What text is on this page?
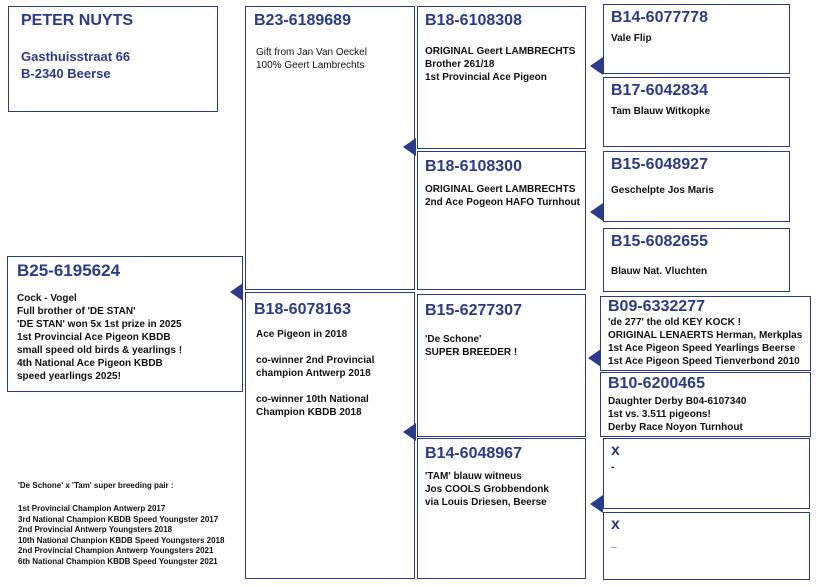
PETER NUYTS
Gasthuisstraat 66
B-2340 Beerse
B25-6195624
Cock - Vogel
Full brother of 'DE STAN'
'DE STAN' won 5x 1st prize in 2025
1st Provincial Ace Pigeon KBDB
small speed old birds & yearlings !
4th National Ace Pigeon KBDB
speed yearlings 2025!
'De Schone' x 'Tam' super breeding pair :
1st Provincial Champion Antwerp 2017
3rd National Champion KBDB Speed Youngster 2017
2nd Provincial Antwerp Youngsters 2018
10th National Chanpion KBDB Speed Youngsters 2018
2nd Provincial Champion Antwerp Youngsters 2021
6th National Champion KBDB Speed Youngster 2021
B23-6189689
Gift from Jan Van Oeckel
100% Geert Lambrechts
B18-6078163
Ace Pigeon in 2018

co-winner 2nd Provincial
champion Antwerp 2018

co-winner 10th National
Champion KBDB 2018
B18-6108308
ORIGINAL Geert LAMBRECHTS
Brother 261/18
1st Provincial Ace Pigeon
B18-6108300
ORIGINAL Geert LAMBRECHTS
2nd Ace Pogeon HAFO Turnhout
B15-6277307
'De Schone'
SUPER BREEDER !
B14-6048967
'TAM' blauw witneus
Jos COOLS Grobbendonk
via Louis Driesen, Beerse
B14-6077778
Vale Flip
B17-6042834
Tam Blauw Witkopke
B15-6048927
Geschelpte Jos Maris
B15-6082655
Blauw Nat. Vluchten
B09-6332277
'de 277' the old KEY KOCK !
ORIGINAL LENAERTS Herman, Merkplas
1st Ace Pigeon Speed Yearlings Beerse
1st Ace Pigeon Speed Tienverbond 2010
B10-6200465
Daughter Derby B04-6107340
1st vs. 3.511 pigeons!
Derby Race Noyon Turnhout
x
-
x
_
